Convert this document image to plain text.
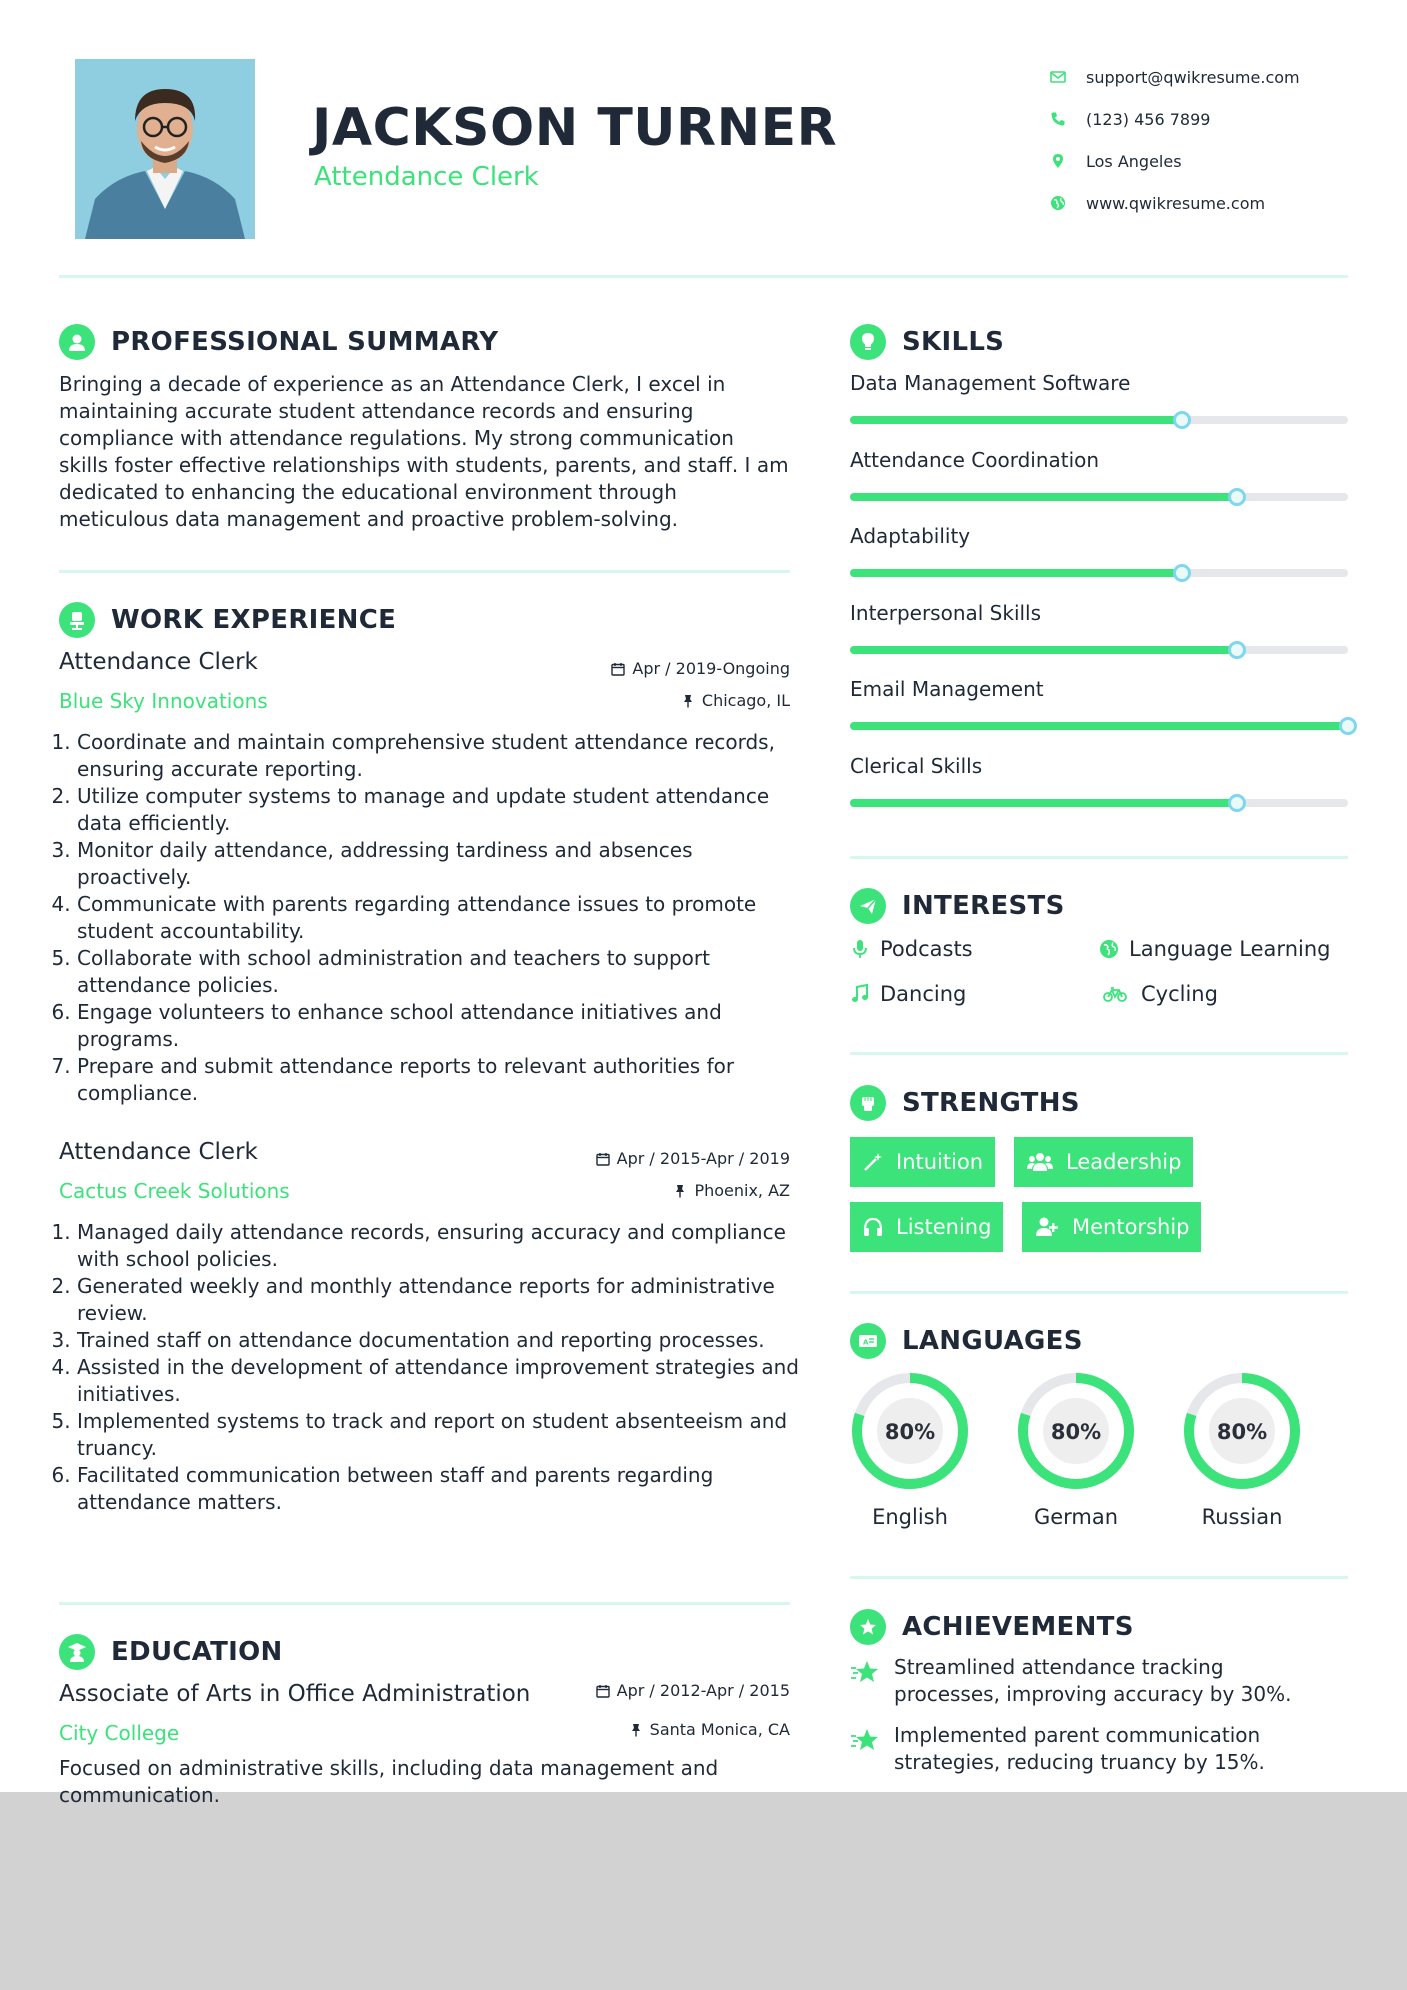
JACKSON TURNER
Attendance Clerk
support@qwikresume.com
(123) 456 7899
Los Angeles
www.qwikresume.com
PROFESSIONAL SUMMARY
Bringing a decade of experience as an Attendance Clerk, I excel in maintaining accurate student attendance records and ensuring compliance with attendance regulations. My strong communication skills foster effective relationships with students, parents, and staff. I am dedicated to enhancing the educational environment through meticulous data management and proactive problem-solving.
WORK EXPERIENCE
Attendance Clerk
Blue Sky Innovations
Apr / 2019-Ongoing
Chicago, IL
1. Coordinate and maintain comprehensive student attendance records, ensuring accurate reporting.
2. Utilize computer systems to manage and update student attendance data efficiently.
3. Monitor daily attendance, addressing tardiness and absences proactively.
4. Communicate with parents regarding attendance issues to promote student accountability.
5. Collaborate with school administration and teachers to support attendance policies.
6. Engage volunteers to enhance school attendance initiatives and programs.
7. Prepare and submit attendance reports to relevant authorities for compliance.
Attendance Clerk
Cactus Creek Solutions
Apr / 2015-Apr / 2019
Phoenix, AZ
1. Managed daily attendance records, ensuring accuracy and compliance with school policies.
2. Generated weekly and monthly attendance reports for administrative review.
3. Trained staff on attendance documentation and reporting processes.
4. Assisted in the development of attendance improvement strategies and initiatives.
5. Implemented systems to track and report on student absenteeism and truancy.
6. Facilitated communication between staff and parents regarding attendance matters.
EDUCATION
Associate of Arts in Office Administration
City College
Apr / 2012-Apr / 2015
Santa Monica, CA
Focused on administrative skills, including data management and communication.
SKILLS
Data Management Software
Attendance Coordination
Adaptability
Interpersonal Skills
Email Management
Clerical Skills
INTERESTS
Podcasts	Language Learning
Dancing	Cycling
STRENGTHS
Intuition	Leadership
Listening	Mentorship
A LANGUAGES
80%
English
80%
German
80%
Russian
ACHIEVEMENTS
Streamlined attendance tracking processes, improving accuracy by 30%.
Implemented parent communication strategies, reducing truancy by 15%.
